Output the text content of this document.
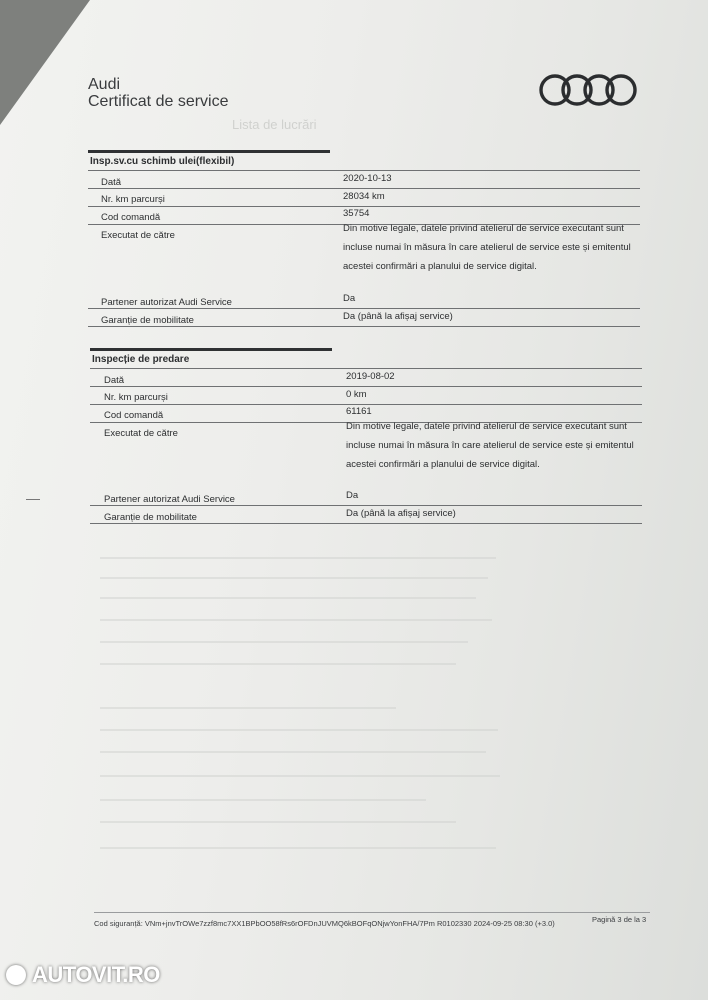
Audi
Certificat de service
Lista de lucrări
Insp.sv.cu schimb ulei(flexibil)
Dată	2020-10-13
Nr. km parcurși	28034 km
Cod comandă	35754
Executat de către
Din motive legale, datele privind atelierul de service executant sunt incluse numai în măsura în care atelierul de service este și emitentul acestei confirmări a planului de service digital.
Partener autorizat Audi Service	Da
Garanție de mobilitate	Da (până la afișaj service)
Inspecție de predare
Dată	2019-08-02
Nr. km parcurși	0 km
Cod comandă	61161
Executat de către
Din motive legale, datele privind atelierul de service executant sunt incluse numai în măsura în care atelierul de service este și emitentul acestei confirmări a planului de service digital.
Partener autorizat Audi Service	Da
Garanție de mobilitate	Da (până la afișaj service)
Cod siguranță: VNm+jnvTrOWe7zzf8mc7XX1BPbOO58fRs6rOFDnJUVMQ6kBOFqONjwYonFHA/7Pm R0102330 2024-09-25 08:30 (+3.0)	Pagină 3 de la 3
AUTOVIT.RO
